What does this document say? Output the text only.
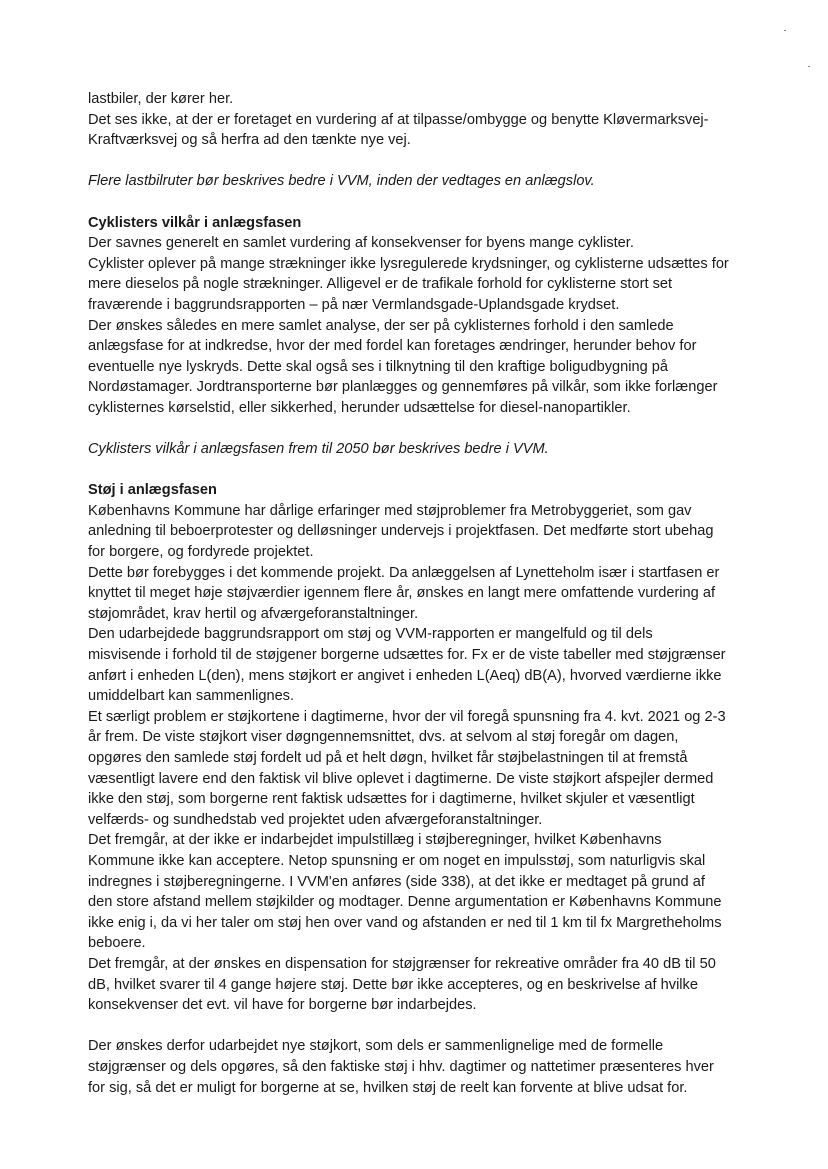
lastbiler, der kører her.
Det ses ikke, at der er foretaget en vurdering af at tilpasse/ombygge og benytte Kløvermarksvej-
Kraftværksvej og så herfra ad den tænkte nye vej.
Flere lastbilruter bør beskrives bedre i VVM, inden der vedtages en anlægslov.
Cyklisters vilkår i anlægsfasen
Der savnes generelt en samlet vurdering af konsekvenser for byens mange cyklister.
Cyklister oplever på mange strækninger ikke lysregulerede krydsninger, og cyklisterne udsættes for
mere dieselos på nogle strækninger. Alligevel er de trafikale forhold for cyklisterne stort set
fraværende i baggrundsrapporten – på nær Vermlandsgade-Uplandsgade krydset.
Der ønskes således en mere samlet analyse, der ser på cyklisternes forhold i den samlede
anlægsfase for at indkredse, hvor der med fordel kan foretages ændringer, herunder behov for
eventuelle nye lyskryds. Dette skal også ses i tilknytning til den kraftige boligudbygning på
Nordøstamager. Jordtransporterne bør planlægges og gennemføres på vilkår, som ikke forlænger
cyklisternes kørselstid, eller sikkerhed, herunder udsættelse for diesel-nanopartikler.
Cyklisters vilkår i anlægsfasen frem til 2050 bør beskrives bedre i VVM.
Støj i anlægsfasen
Københavns Kommune har dårlige erfaringer med støjproblemer fra Metrobyggeriet, som gav
anledning til beboerprotester og delløsninger undervejs i projektfasen. Det medførte stort ubehag
for borgere, og fordyrede projektet.
Dette bør forebygges i det kommende projekt. Da anlæggelsen af Lynetteholm især i startfasen er
knyttet til meget høje støjværdier igennem flere år, ønskes en langt mere omfattende vurdering af
støjområdet, krav hertil og afværgeforanstaltninger.
Den udarbejdede baggrundsrapport om støj og VVM-rapporten er mangelfuld og til dels
misvisende i forhold til de støjgener borgerne udsættes for. Fx er de viste tabeller med støjgrænser
anført i enheden L(den), mens støjkort er angivet i enheden L(Aeq) dB(A), hvorved værdierne ikke
umiddelbart kan sammenlignes.
Et særligt problem er støjkortene i dagtimerne, hvor der vil foregå spunsning fra 4. kvt. 2021 og 2-3
år frem. De viste støjkort viser døgngennemsnittet, dvs. at selvom al støj foregår om dagen,
opgøres den samlede støj fordelt ud på et helt døgn, hvilket får støjbelastningen til at fremstå
væsentligt lavere end den faktisk vil blive oplevet i dagtimerne. De viste støjkort afspejler dermed
ikke den støj, som borgerne rent faktisk udsættes for i dagtimerne, hvilket skjuler et væsentligt
velfærds- og sundhedstab ved projektet uden afværgeforanstaltninger.
Det fremgår, at der ikke er indarbejdet impulstillæg i støjberegninger, hvilket Københavns
Kommune ikke kan acceptere. Netop spunsning er om noget en impulsstøj, som naturligvis skal
indregnes i støjberegningerne. I VVM'en anføres (side 338), at det ikke er medtaget på grund af
den store afstand mellem støjkilder og modtager. Denne argumentation er Københavns Kommune
ikke enig i, da vi her taler om støj hen over vand og afstanden er ned til 1 km til fx Margretheholms
beboere.
Det fremgår, at der ønskes en dispensation for støjgrænser for rekreative områder fra 40 dB til 50
dB, hvilket svarer til 4 gange højere støj. Dette bør ikke accepteres, og en beskrivelse af hvilke
konsekvenser det evt. vil have for borgerne bør indarbejdes.
Der ønskes derfor udarbejdet nye støjkort, som dels er sammenlignelige med de formelle
støjgrænser og dels opgøres, så den faktiske støj i hhv. dagtimer og nattetimer præsenteres hver
for sig, så det er muligt for borgerne at se, hvilken støj de reelt kan forvente at blive udsat for.
